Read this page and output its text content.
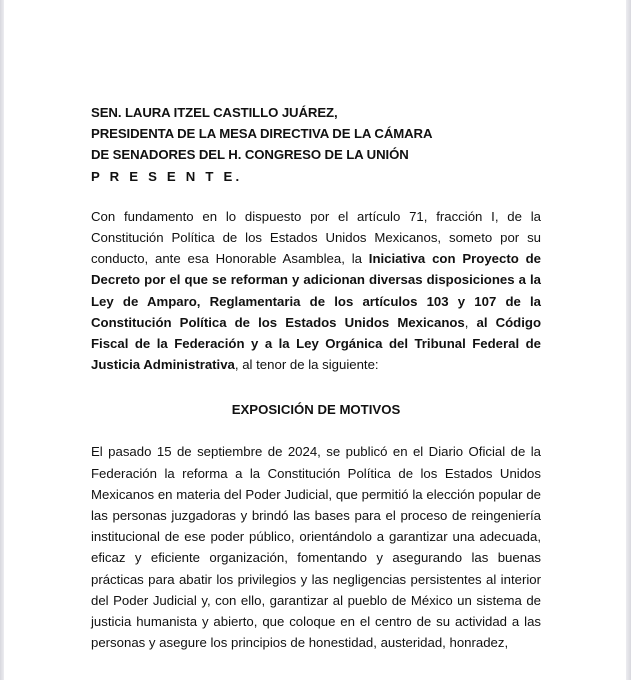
SEN. LAURA ITZEL CASTILLO JUÁREZ,

PRESIDENTA DE LA MESA DIRECTIVA DE LA CÁMARA

DE SENADORES DEL H. CONGRESO DE LA UNIÓN

P R E S E N T E.

Con fundamento en lo dispuesto por el artículo 71, fracción I, de la Constitución Política de los Estados Unidos Mexicanos, someto por su conducto, ante esa Honorable Asamblea, la Iniciativa con Proyecto de Decreto por el que se reforman y adicionan diversas disposiciones a la Ley de Amparo, Reglamentaria de los artículos 103 y 107 de la Constitución Política de los Estados Unidos Mexicanos, al Código Fiscal de la Federación y a la Ley Orgánica del Tribunal Federal de Justicia Administrativa, al tenor de la siguiente:

EXPOSICIÓN DE MOTIVOS

El pasado 15 de septiembre de 2024, se publicó en el Diario Oficial de la Federación la reforma a la Constitución Política de los Estados Unidos Mexicanos en materia del Poder Judicial, que permitió la elección popular de las personas juzgadoras y brindó las bases para el proceso de reingeniería institucional de ese poder público, orientándolo a garantizar una adecuada, eficaz y eficiente organización, fomentando y asegurando las buenas prácticas para abatir los privilegios y las negligencias persistentes al interior del Poder Judicial y, con ello, garantizar al pueblo de México un sistema de justicia humanista y abierto, que coloque en el centro de su actividad a las personas y asegure los principios de honestidad, austeridad, honradez,
